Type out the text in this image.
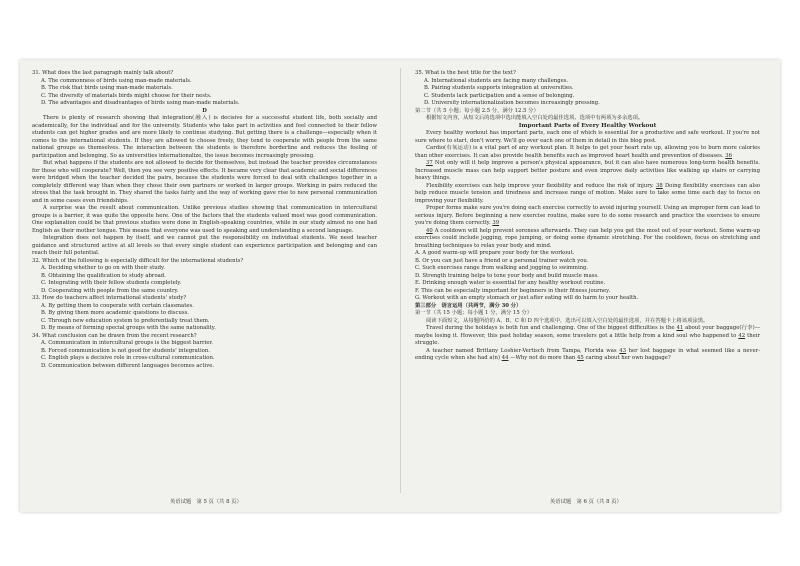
31. What does the last paragraph mainly talk about?

A. The commonness of birds using man-made materials.

B. The risk that birds using man-made materials.

C. The diversity of materials birds might choose for their nests.

D. The advantages and disadvantages of birds using man-made materials.

D

There is plenty of research showing that integration(融入) is decisive for a successful student life, both socially and academically, for the individual and for the university. Students who take part in activities and feel connected to their fellow students can get higher grades and are more likely to continue studying. But getting there is a challenge—especially when it comes to the international students. If they are allowed to choose freely, they tend to cooperate with people from the same national groups as themselves. The interaction between the students is therefore borderline and reduces the feeling of participation and belonging. So as universities internationalize, the issue becomes increasingly pressing.

But what happens if the students are not allowed to decide for themselves, but instead the teacher provides circumstances for those who will cooperate? Well, then you see very positive effects. It became very clear that academic and social differences were bridged when the teacher decided the pairs, because the students were forced to deal with challenges together in a completely different way than when they chose their own partners or worked in larger groups. Working in pairs reduced the stress that the task brought in. They shared the tasks fairly and the way of working gave rise to new personal communication and in some cases even friendships.

A surprise was the result about communication. Unlike previous studies showing that communication in intercultural groups is a barrier, it was quite the opposite here. One of the factors that the students valued most was good communication. One explanation could be that previous studies were done in English-speaking countries, while in our study almost no one had English as their mother tongue. This means that everyone was used to speaking and understanding a second language.

Integration does not happen by itself, and we cannot put the responsibility on individual students. We need teacher guidance and structured active at all levels so that every single student can experience participation and belonging and can reach their full potential.

32. Which of the following is especially difficult for the international students?

A. Deciding whether to go on with their study.

B. Obtaining the qualification to study abroad.

C. Integrating with their fellow students completely.

D. Cooperating with people from the same country.

33. How do teachers affect international students' study?

A. By getting them to cooperate with certain classmates.

B. By giving them more academic questions to discuss.

C. Through new education system to preferentially treat them.

D. By means of forming special groups with the same nationality.

34. What conclusion can be drawn from the recent research?

A. Communication in intercultural groups is the biggest barrier.

B. Forced communication is not good for students' integration.

C. English plays a decisive role in cross-cultural communication.

D. Communication between different languages becomes active.

35. What is the best title for the text?

A. International students are facing many challenges.

B. Pairing students supports integration at universities.

C. Students lack participation and a sense of belonging.

D. University internationalization becomes increasingly pressing.

第二节（共 5 小题；每小题 2.5 分，满分 12.5 分）

根据短文内容，从短文后的选项中选出能填入空白处的最佳选项。选项中有两项为多余选项。

Important Parts of Every Healthy Workout

Every healthy workout has important parts, each one of which is essential for a productive and safe workout. If you're not sure where to start, don't worry. We'll go over each one of them in detail in this blog post.

Cardio(有氧运动) is a vital part of any workout plan. It helps to get your heart rate up, allowing you to burn more calories than other exercises. It can also provide health benefits such as improved heart health and prevention of diseases. 36

37 Not only will it help improve a person's physical appearance, but it can also have numerous long-term health benefits. Increased muscle mass can help support better posture and even improve daily activities like walking up stairs or carrying heavy things.

Flexibility exercises can help improve your flexibility and reduce the risk of injury. 38 Doing flexibility exercises can also help reduce muscle tension and tiredness and increase range of motion. Make sure to take some time each day to focus on improving your flexibility.

Proper forms make sure you're doing each exercise correctly to avoid injuring yourself. Using an improper form can lead to serious injury. Before beginning a new exercise routine, make sure to do some research and practice the exercises to ensure you're doing them correctly. 39

40 A cooldown will help prevent soreness afterwards. They can help you get the most out of your workout. Some warm-up exercises could include jogging, rope jumping, or doing some dynamic stretching. For the cooldown, focus on stretching and breathing techniques to relax your body and mind.

A. A good warm-up will prepare your body for the workout.

B. Or you can just have a friend or a personal trainer watch you.

C. Such exercises range from walking and jogging to swimming.

D. Strength training helps to tone your body and build muscle mass.

E. Drinking enough water is essential for any healthy workout routine.

F. This can be especially important for beginners in their fitness journey.

G. Workout with an empty stomach or just after eating will do harm to your health.

第三部分　语言运用（共两节，满分 30 分）

第一节（共 15 小题；每小题 1 分，满分 15 分）

阅读下面短文，从每题所给的 A、B、C 和 D 四个选项中，选出可以填入空白处的最佳选项，并在答题卡上将该项涂黑。

Travel during the holidays is both fun and challenging. One of the biggest difficulties is the 41 about your baggage(行李)—maybe losing it. However, this past holiday season, some travelers got a little help from a kind soul who happened to 42 their struggle.

A teacher named Brittany Loshier-Vertisch from Tampa, Florida was 43 her lost baggage in what seemed like a never-ending cycle when she had a(n) 44 —Why not do more than 45 caring about her own baggage?

英语试题　第 5 页（共 8 页）	英语试题　第 6 页（共 8 页）
